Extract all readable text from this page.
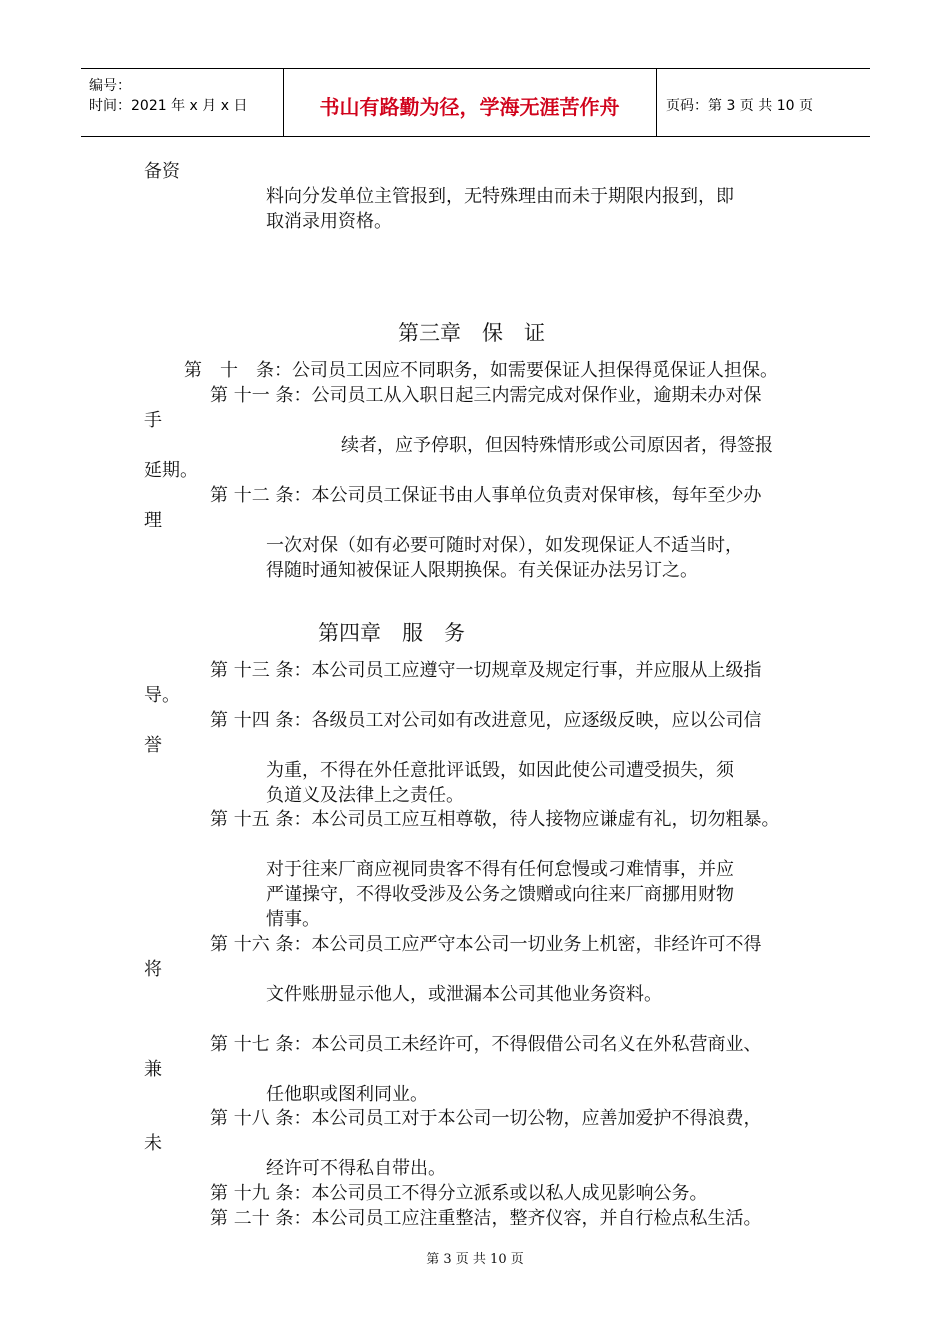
编号：
时间：2021 年 x 月 x 日	书山有路勤为径，学海无涯苦作舟	页码：第 3 页 共 10 页
备资
料向分发单位主管报到，无特殊理由而未于期限内报到，即
取消录用资格。
第三章　保　证
第　十　条：公司员工因应不同职务，如需要保证人担保得觅保证人担保。
第 十一 条：公司员工从入职日起三内需完成对保作业，逾期未办对保
手
续者，应予停职，但因特殊情形或公司原因者，得签报
延期。
第 十二 条：本公司员工保证书由人事单位负责对保审核，每年至少办
理
一次对保（如有必要可随时对保），如发现保证人不适当时，
得随时通知被保证人限期换保。有关保证办法另订之。
第四章　服　务
第 十三 条：本公司员工应遵守一切规章及规定行事，并应服从上级指
导。
第 十四 条：各级员工对公司如有改进意见，应逐级反映，应以公司信
誉
为重，不得在外任意批评诋毁，如因此使公司遭受损失，须
负道义及法律上之责任。
第 十五 条：本公司员工应互相尊敬，待人接物应谦虚有礼，切勿粗暴。
对于往来厂商应视同贵客不得有任何怠慢或刁难情事，并应
严谨操守，不得收受涉及公务之馈赠或向往来厂商挪用财物
情事。
第 十六 条：本公司员工应严守本公司一切业务上机密，非经许可不得
将
文件账册显示他人，或泄漏本公司其他业务资料。
第 十七 条：本公司员工未经许可，不得假借公司名义在外私营商业、
兼
任他职或图利同业。
第 十八 条：本公司员工对于本公司一切公物，应善加爱护不得浪费，
未
经许可不得私自带出。
第 十九 条：本公司员工不得分立派系或以私人成见影响公务。
第 二十 条：本公司员工应注重整洁，整齐仪容，并自行检点私生活。
第 3 页 共 10 页
